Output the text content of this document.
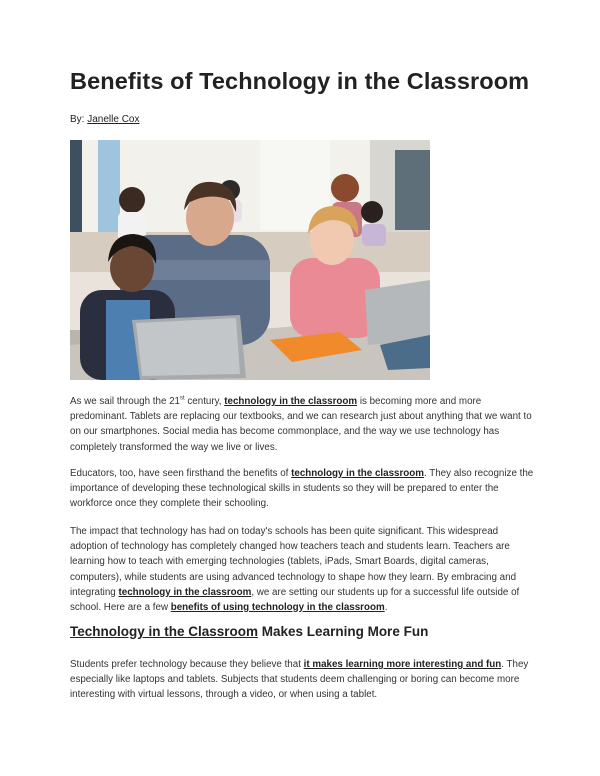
Benefits of Technology in the Classroom
By: Janelle Cox

As we sail through the 21st century, technology in the classroom is becoming more and more predominant. Tablets are replacing our textbooks, and we can research just about anything that we want to on our smartphones. Social media has become commonplace, and the way we use technology has completely transformed the way we live or lives.

Educators, too, have seen firsthand the benefits of technology in the classroom. They also recognize the importance of developing these technological skills in students so they will be prepared to enter the workforce once they complete their schooling.

The impact that technology has had on today's schools has been quite significant. This widespread adoption of technology has completely changed how teachers teach and students learn. Teachers are learning how to teach with emerging technologies (tablets, iPads, Smart Boards, digital cameras, computers), while students are using advanced technology to shape how they learn. By embracing and integrating technology in the classroom, we are setting our students up for a successful life outside of school. Here are a few benefits of using technology in the classroom.

Technology in the Classroom Makes Learning More Fun

Students prefer technology because they believe that it makes learning more interesting and fun. They especially like laptops and tablets. Subjects that students deem challenging or boring can become more interesting with virtual lessons, through a video, or when using a tablet.
